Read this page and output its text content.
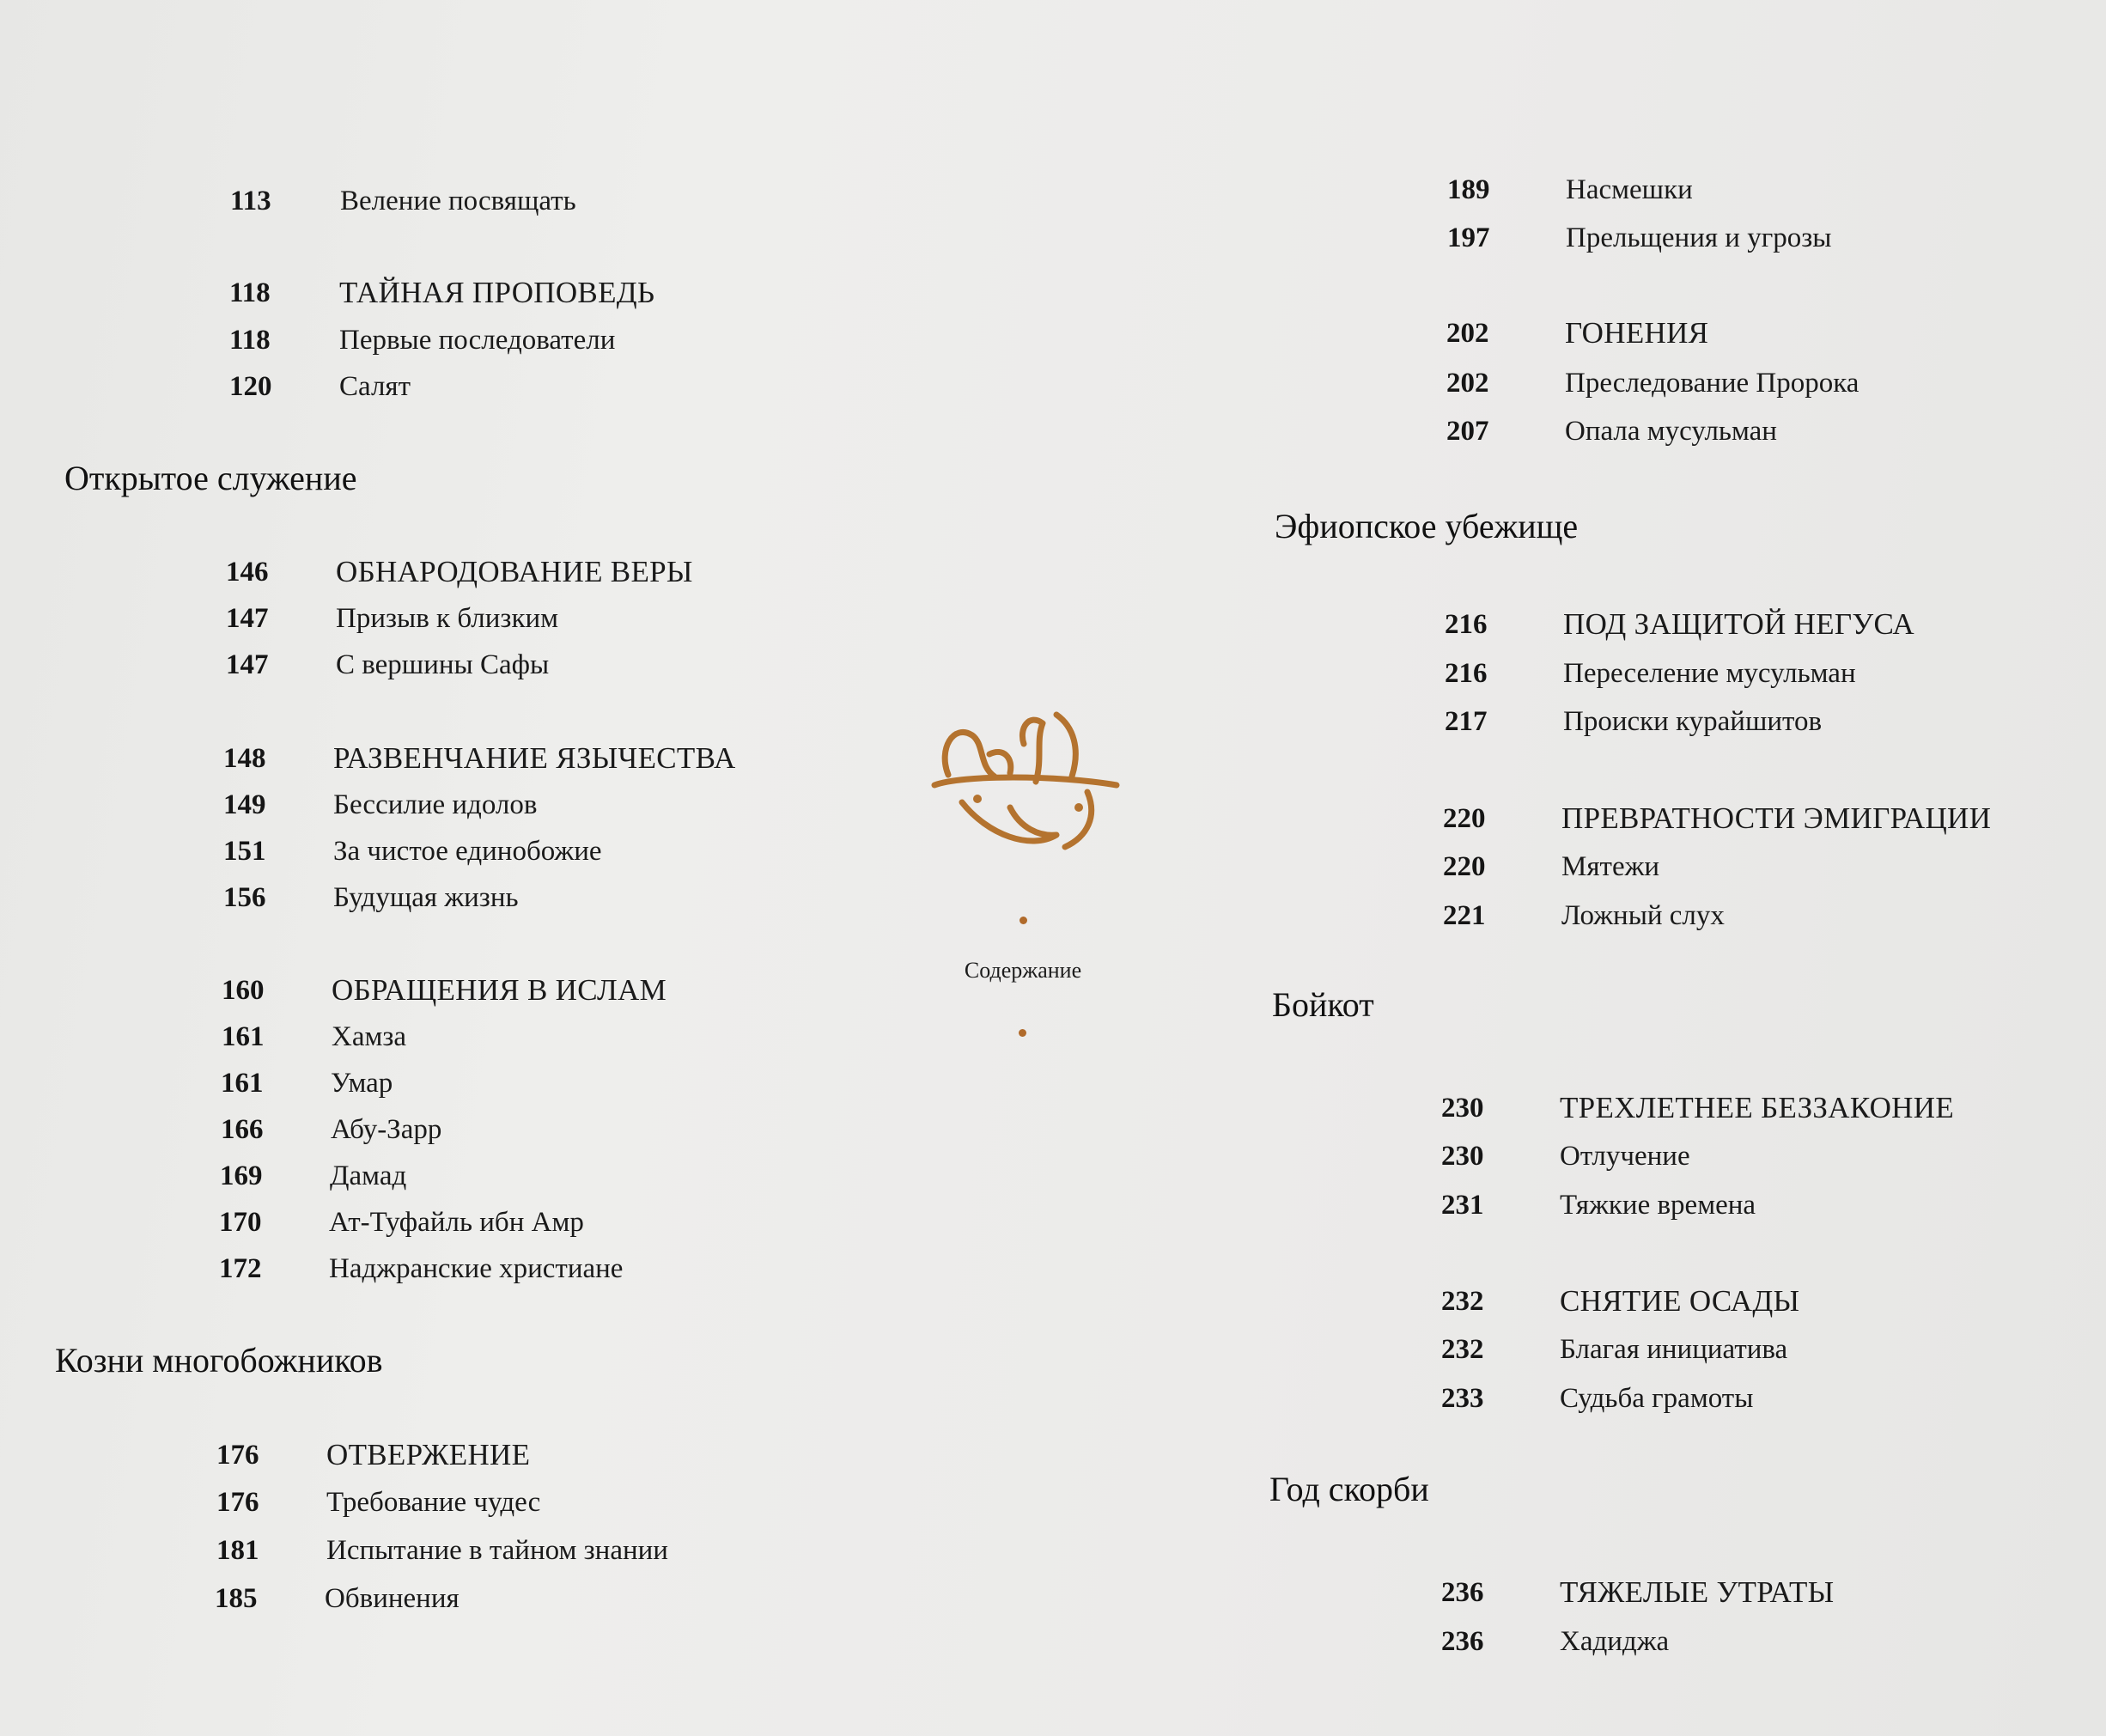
113 Веление посвящать
118 ТАЙНАЯ ПРОПОВЕДЬ
118 Первые последователи
120 Салят
Открытое служение
146 ОБНАРОДОВАНИЕ ВЕРЫ
147 Призыв к близким
147 С вершины Сафы
148 РАЗВЕНЧАНИЕ ЯЗЫЧЕСТВА
149 Бессилие идолов
151 За чистое единобожие
156 Будущая жизнь
160 ОБРАЩЕНИЯ В ИСЛАМ
161 Хамза
161 Умар
166 Абу-Зарр
169 Дамад
170 Ат-Туфайль ибн Амр
172 Наджранские христиане
Козни многобожников
176 ОТВЕРЖЕНИЕ
176 Требование чудес
181 Испытание в тайном знании
185 Обвинения
Содержание
189	Насмешки
197	Прельщения и угрозы
202	ГОНЕНИЯ
202	Преследование Пророка
207	Опала мусульман
Эфиопское убежище
216	ПОД ЗАЩИТОЙ НЕГУСА
216	Переселение мусульман
217	Происки курайшитов
220	ПРЕВРАТНОСТИ ЭМИГРАЦИИ
220	Мятежи
221	Ложный слух
Бойкот
230	ТРЕХЛЕТНЕЕ БЕЗЗАКОНИЕ
230	Отлучение
231	Тяжкие времена
232	СНЯТИЕ ОСАДЫ
232	Благая инициатива
233	Судьба грамоты
Год скорби
236	ТЯЖЕЛЫЕ УТРАТЫ
236	Хадиджа
